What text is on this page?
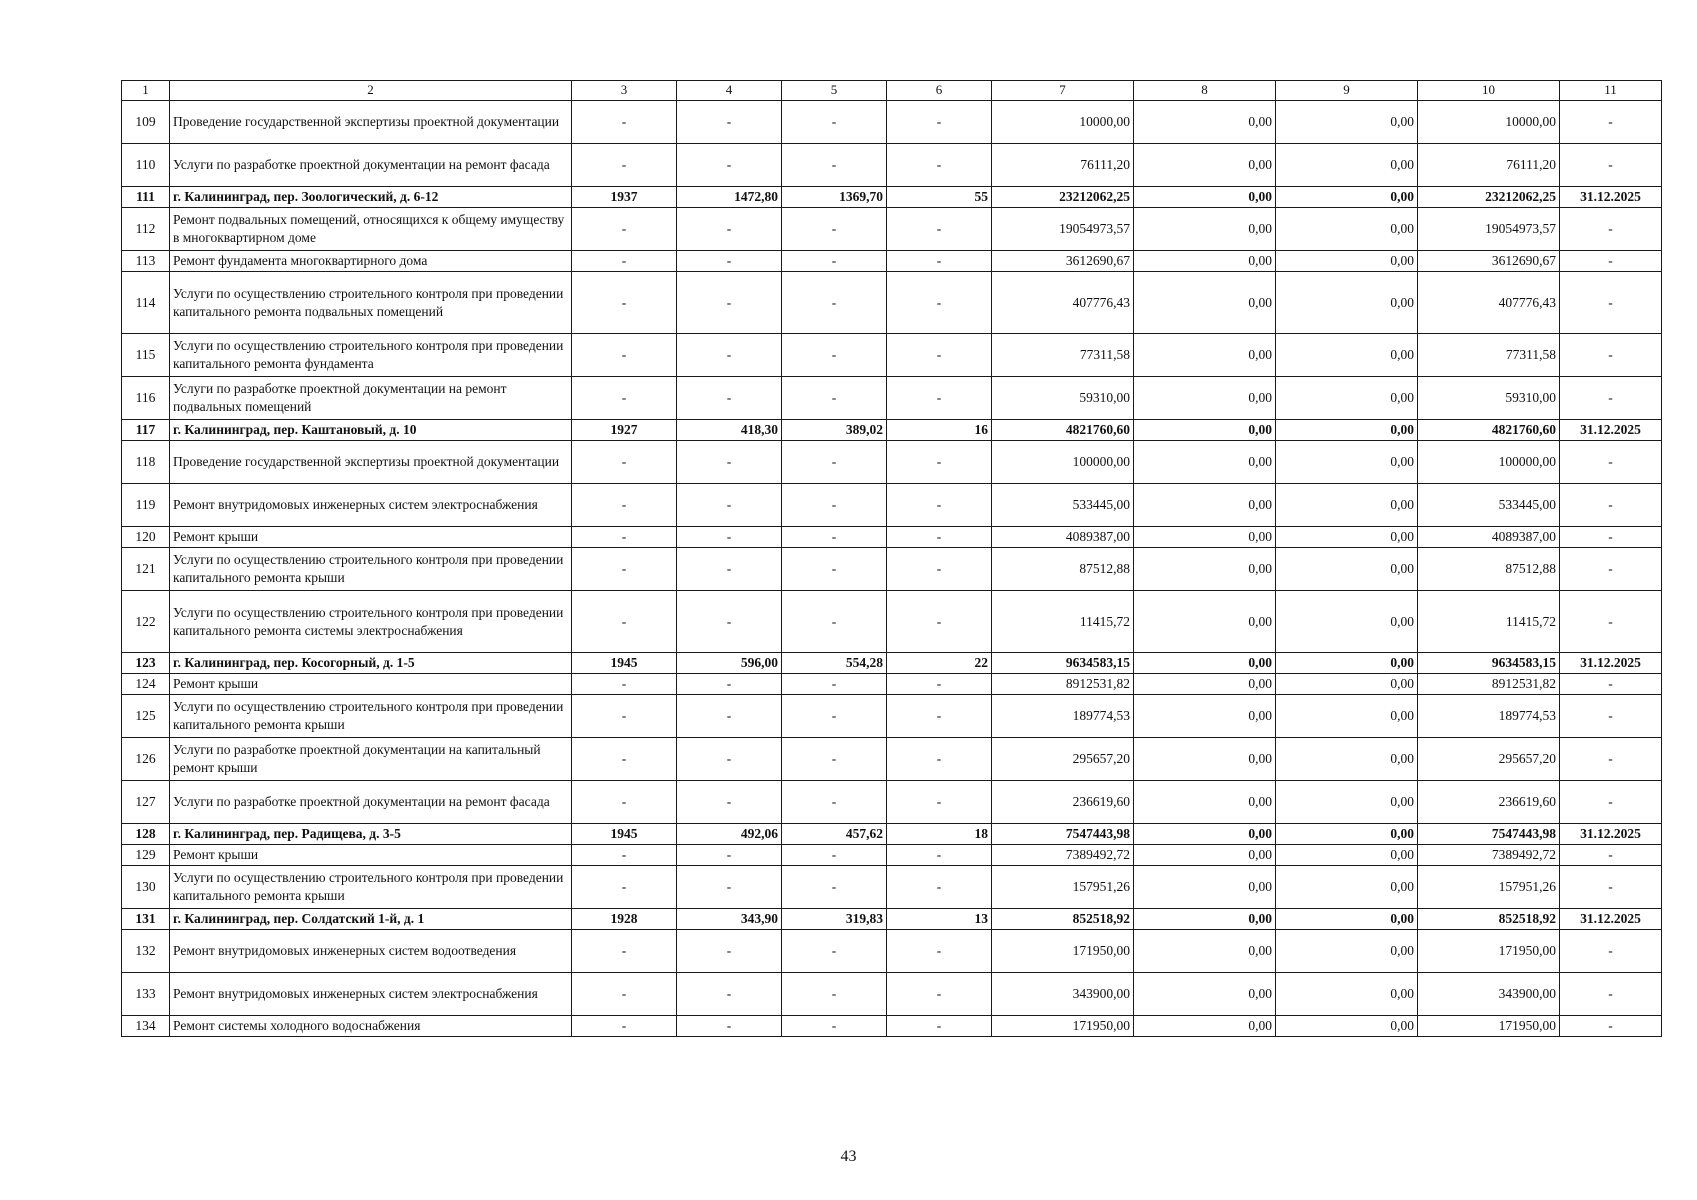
1	2	3	4	5	6	7	8	9	10	11
109	Проведение государственной экспертизы проектной документации	-	-	-	-	10000,00	0,00	0,00	10000,00	-
110	Услуги по разработке проектной документации на ремонт фасада	-	-	-	-	76111,20	0,00	0,00	76111,20	-
111	г. Калининград, пер. Зоологический, д. 6-12	1937	1472,80	1369,70	55	23212062,25	0,00	0,00	23212062,25	31.12.2025
112	Ремонт подвальных помещений, относящихся к общему имуществу в многоквартирном доме	-	-	-	-	19054973,57	0,00	0,00	19054973,57	-
113	Ремонт фундамента многоквартирного дома	-	-	-	-	3612690,67	0,00	0,00	3612690,67	-
114	Услуги по осуществлению строительного контроля при проведении капитального ремонта подвальных помещений	-	-	-	-	407776,43	0,00	0,00	407776,43	-
115	Услуги по осуществлению строительного контроля при проведении капитального ремонта фундамента	-	-	-	-	77311,58	0,00	0,00	77311,58	-
116	Услуги по разработке проектной документации на ремонт подвальных помещений	-	-	-	-	59310,00	0,00	0,00	59310,00	-
117	г. Калининград, пер. Каштановый, д. 10	1927	418,30	389,02	16	4821760,60	0,00	0,00	4821760,60	31.12.2025
118	Проведение государственной экспертизы проектной документации	-	-	-	-	100000,00	0,00	0,00	100000,00	-
119	Ремонт внутридомовых инженерных систем электроснабжения	-	-	-	-	533445,00	0,00	0,00	533445,00	-
120	Ремонт крыши	-	-	-	-	4089387,00	0,00	0,00	4089387,00	-
121	Услуги по осуществлению строительного контроля при проведении капитального ремонта крыши	-	-	-	-	87512,88	0,00	0,00	87512,88	-
122	Услуги по осуществлению строительного контроля при проведении капитального ремонта системы электроснабжения	-	-	-	-	11415,72	0,00	0,00	11415,72	-
123	г. Калининград, пер. Косогорный, д. 1-5	1945	596,00	554,28	22	9634583,15	0,00	0,00	9634583,15	31.12.2025
124	Ремонт крыши	-	-	-	-	8912531,82	0,00	0,00	8912531,82	-
125	Услуги по осуществлению строительного контроля при проведении капитального ремонта крыши	-	-	-	-	189774,53	0,00	0,00	189774,53	-
126	Услуги по разработке проектной документации на капитальный ремонт крыши	-	-	-	-	295657,20	0,00	0,00	295657,20	-
127	Услуги по разработке проектной документации на ремонт фасада	-	-	-	-	236619,60	0,00	0,00	236619,60	-
128	г. Калининград, пер. Радищева, д. 3-5	1945	492,06	457,62	18	7547443,98	0,00	0,00	7547443,98	31.12.2025
129	Ремонт крыши	-	-	-	-	7389492,72	0,00	0,00	7389492,72	-
130	Услуги по осуществлению строительного контроля при проведении капитального ремонта крыши	-	-	-	-	157951,26	0,00	0,00	157951,26	-
131	г. Калининград, пер. Солдатский 1-й, д. 1	1928	343,90	319,83	13	852518,92	0,00	0,00	852518,92	31.12.2025
132	Ремонт внутридомовых инженерных систем водоотведения	-	-	-	-	171950,00	0,00	0,00	171950,00	-
133	Ремонт внутридомовых инженерных систем электроснабжения	-	-	-	-	343900,00	0,00	0,00	343900,00	-
134	Ремонт системы холодного водоснабжения	-	-	-	-	171950,00	0,00	0,00	171950,00	-
43
